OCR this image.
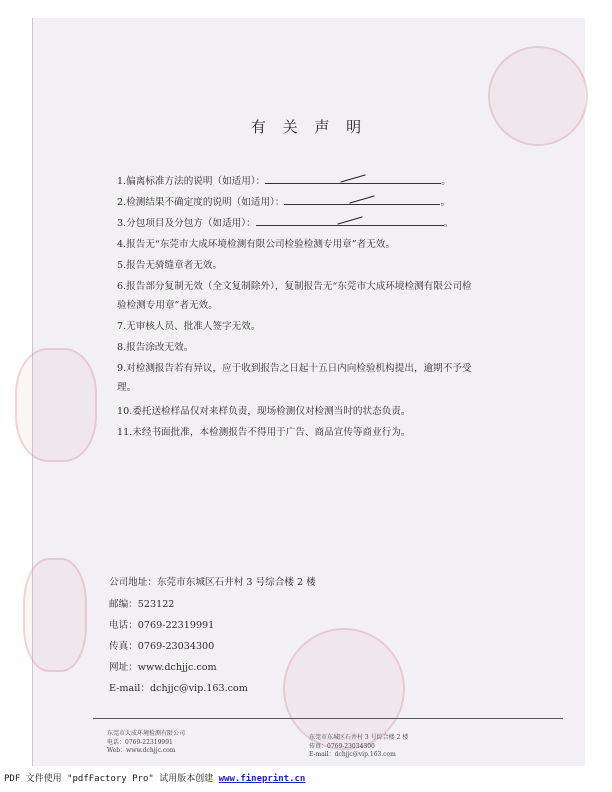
有 关 声 明
1.偏离标准方法的说明（如适用）：	。
2.检测结果不确定度的说明（如适用）：	。
3.分包项目及分包方（如适用）：	。
4.报告无“东莞市大成环境检测有限公司检验检测专用章”者无效。
5.报告无骑缝章者无效。
6.报告部分复制无效（全文复制除外），复制报告无“东莞市大成环境检测有限公司检
验检测专用章”者无效。
7.无审核人员、批准人签字无效。
8.报告涂改无效。
9.对检测报告若有异议，应于收到报告之日起十五日内向检验机构提出，逾期不予受
理。
10.委托送检样品仅对来样负责，现场检测仅对检测当时的状态负责。
11.未经书面批准，本检测报告不得用于广告、商品宣传等商业行为。
公司地址：东莞市东城区石井村 3 号综合楼 2 楼
邮编：523122
电话：0769-22319991
传真：0769-23034300
网址：www.dchjjc.com
E-mail：dchjjc@vip.163.com
东莞市大成环境检测有限公司
电话：0769-22319991
Web：www.dchjjc.com
东莞市东城区石井村 3 号综合楼 2 楼
传真：0769-23034300
E-mail：dchjjc@vip.163.com
PDF 文件使用 "pdfFactory Pro" 试用版本创建 www.fineprint.cn
